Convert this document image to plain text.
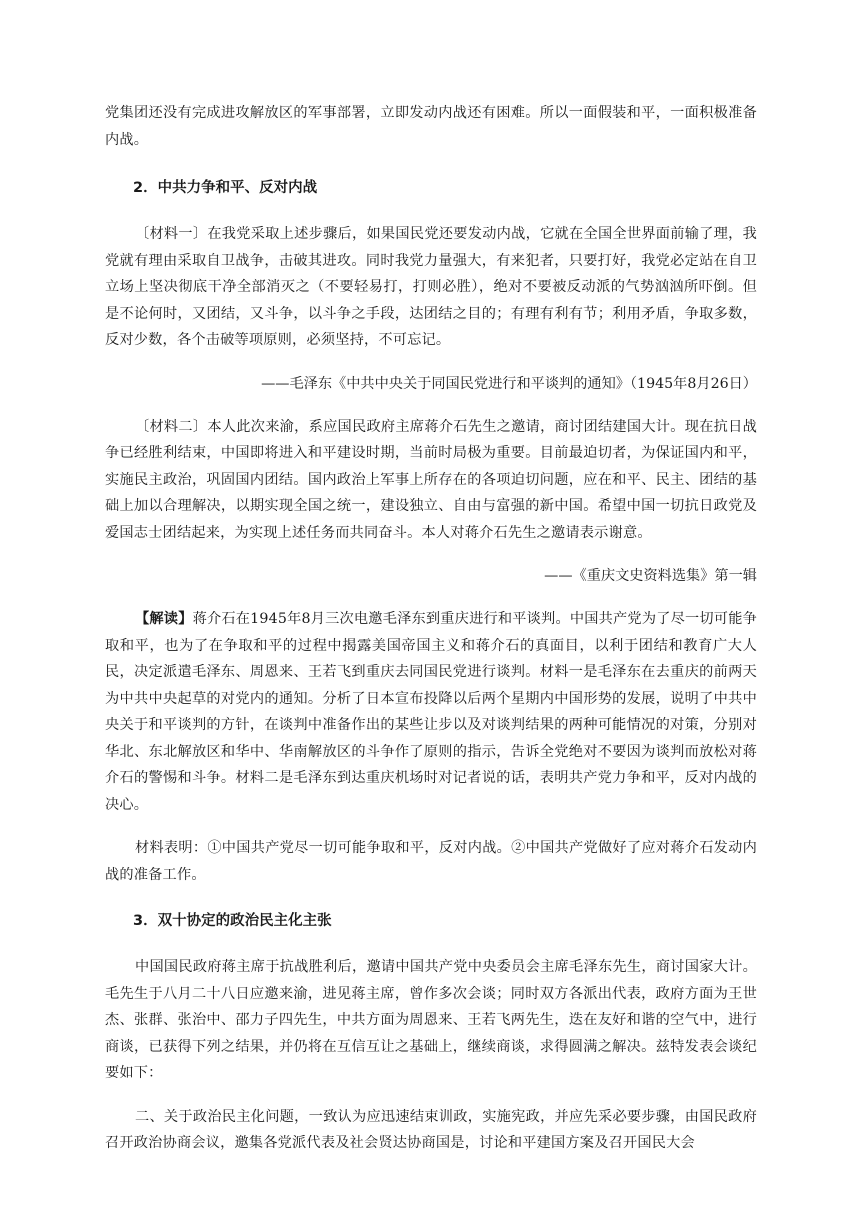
党集团还没有完成进攻解放区的军事部署，立即发动内战还有困难。所以一面假装和平，一面积极准备内战。

2．中共力争和平、反对内战

〔材料一〕在我党采取上述步骤后，如果国民党还要发动内战，它就在全国全世界面前输了理，我党就有理由采取自卫战争，击破其进攻。同时我党力量强大，有来犯者，只要打好，我党必定站在自卫立场上坚决彻底干净全部消灭之（不要轻易打，打则必胜），绝对不要被反动派的气势汹汹所吓倒。但是不论何时，又团结，又斗争，以斗争之手段，达团结之目的；有理有利有节；利用矛盾，争取多数，反对少数，各个击破等项原则，必须坚持，不可忘记。

——毛泽东《中共中央关于同国民党进行和平谈判的通知》（1945年8月26日）

〔材料二〕本人此次来渝，系应国民政府主席蒋介石先生之邀请，商讨团结建国大计。现在抗日战争已经胜利结束，中国即将进入和平建设时期，当前时局极为重要。目前最迫切者，为保证国内和平，实施民主政治，巩固国内团结。国内政治上军事上所存在的各项迫切问题，应在和平、民主、团结的基础上加以合理解决，以期实现全国之统一，建设独立、自由与富强的新中国。希望中国一切抗日政党及爱国志士团结起来，为实现上述任务而共同奋斗。本人对蒋介石先生之邀请表示谢意。

——《重庆文史资料选集》第一辑

【解读】蒋介石在1945年8月三次电邀毛泽东到重庆进行和平谈判。中国共产党为了尽一切可能争取和平，也为了在争取和平的过程中揭露美国帝国主义和蒋介石的真面目，以利于团结和教育广大人民，决定派遣毛泽东、周恩来、王若飞到重庆去同国民党进行谈判。材料一是毛泽东在去重庆的前两天为中共中央起草的对党内的通知。分析了日本宣布投降以后两个星期内中国形势的发展，说明了中共中央关于和平谈判的方针，在谈判中准备作出的某些让步以及对谈判结果的两种可能情况的对策，分别对华北、东北解放区和华中、华南解放区的斗争作了原则的指示，告诉全党绝对不要因为谈判而放松对蒋介石的警惕和斗争。材料二是毛泽东到达重庆机场时对记者说的话，表明共产党力争和平，反对内战的决心。

材料表明：①中国共产党尽一切可能争取和平，反对内战。②中国共产党做好了应对蒋介石发动内战的准备工作。

3．双十协定的政治民主化主张

中国国民政府蒋主席于抗战胜利后，邀请中国共产党中央委员会主席毛泽东先生，商讨国家大计。毛先生于八月二十八日应邀来渝，进见蒋主席，曾作多次会谈；同时双方各派出代表，政府方面为王世杰、张群、张治中、邵力子四先生，中共方面为周恩来、王若飞两先生，迭在友好和谐的空气中，进行商谈，已获得下列之结果，并仍将在互信互让之基础上，继续商谈，求得圆满之解决。兹特发表会谈纪要如下：

二、关于政治民主化问题，一致认为应迅速结束训政，实施宪政，并应先采必要步骤，由国民政府召开政治协商会议，邀集各党派代表及社会贤达协商国是，讨论和平建国方案及召开国民大会
